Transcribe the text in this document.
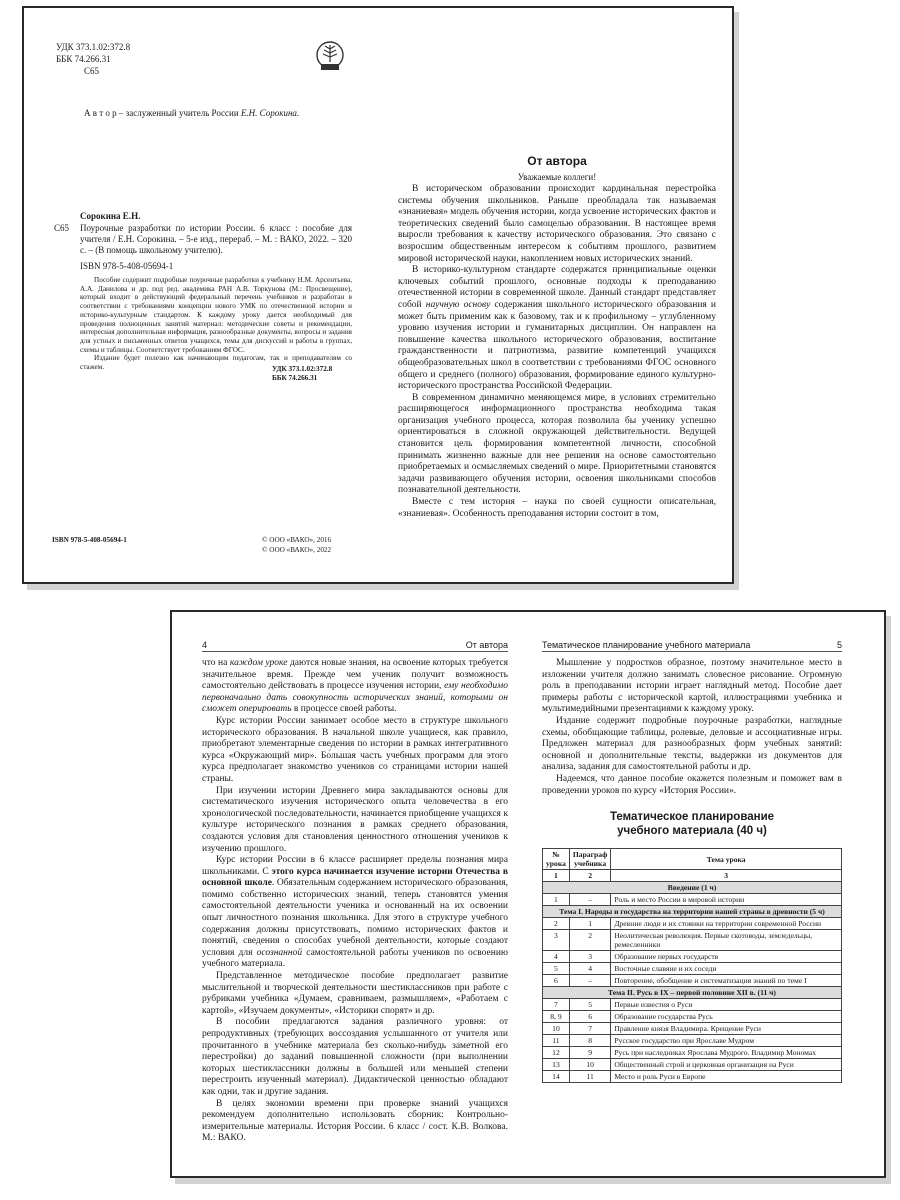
УДК 373.1.02:372.8
ББК 74.266.31
С65
А в т о р – заслуженный учитель России Е.Н. Сорокина.
Сорокина Е.Н.
С65 Поурочные разработки по истории России. 6 класс : пособие для учителя / Е.Н. Сорокина. – 5-е изд., перераб. – М. : ВАКО, 2022. – 320 с. – (В помощь школьному учителю).
ISBN 978-5-408-05694-1

Пособие содержит подробные поурочные разработки к учебнику Н.М. Арсентьева, А.А. Данилова и др. под ред. академика РАН А.В. Торкунова (М.: Просвещение), который входит в действующий федеральный перечень учебников и разработан в соответствии с требованиями концепции нового УМК по отечественной истории и историко-культурным стандартом. К каждому уроку дается необходимый для проведения полноценных занятий материал: методические советы и рекомендации, интересная дополнительная информация, разнообразные документы, вопросы и задания для устных и письменных ответов учащихся, темы для дискуссий и работы в группах, схемы и таблицы. Соответствует требованиям ФГОС.

Издание будет полезно как начинающим педагогам, так и преподавателям со стажем.	УДК 373.1.02:372.8
ББК 74.266.31
ISBN 978-5-408-05694-1	© ООО «ВАКО», 2016
© ООО «ВАКО», 2022
От автора
Уважаемые коллеги!

В историческом образовании происходит кардинальная перестройка системы обучения школьников. Раньше преобладала так называемая «знаниевая» модель обучения истории, когда усвоение исторических фактов и теоретических сведений было самоцелью образования. В настоящее время выросли требования к качеству исторического образования. Это связано с возросшим общественным интересом к событиям прошлого, развитием мировой исторической науки, накоплением новых исторических знаний.

В историко-культурном стандарте содержатся принципиальные оценки ключевых событий прошлого, основные подходы к преподаванию отечественной истории в современной школе. Данный стандарт представляет собой научную основу содержания школьного исторического образования и может быть применим как к базовому, так и к профильному – углубленному уровню изучения истории и гуманитарных дисциплин. Он направлен на повышение качества школьного исторического образования, воспитание гражданственности и патриотизма, развитие компетенций учащихся общеобразовательных школ в соответствии с требованиями ФГОС основного общего и среднего (полного) образования, формирование единого культурно-исторического пространства Российской Федерации.

В современном динамично меняющемся мире, в условиях стремительно расширяющегося информационного пространства необходима такая организация учебного процесса, которая позволила бы ученику успешно ориентироваться в сложной окружающей действительности. Ведущей становится цель формирования компетентной личности, способной принимать жизненно важные для нее решения на основе самостоятельно приобретаемых и осмысляемых сведений о мире. Приоритетными становятся задачи развивающего обучения истории, освоения школьниками способов познавательной деятельности.

Вместе с тем история – наука по своей сущности описательная, «знаниевая». Особенность преподавания истории состоит в том,

4	От автора

что на каждом уроке даются новые знания, на освоение которых требуется значительное время. Прежде чем ученик получит возможность самостоятельно действовать в процессе изучения истории, ему необходимо первоначально дать совокупность исторических знаний, которыми он сможет оперировать в процессе своей работы.

Курс истории России занимает особое место в структуре школьного исторического образования. В начальной школе учащиеся, как правило, приобретают элементарные сведения по истории в рамках интегративного курса «Окружающий мир». Бо́льшая часть учебных программ для этого курса предполагает знакомство учеников со страницами истории нашей страны.

При изучении истории Древнего мира закладываются основы для систематического изучения исторического опыта человечества в его хронологической последовательности, начинается приобщение учащихся к культуре исторического познания в рамках среднего образования, создаются условия для становления ценностного отношения учеников к изучению прошлого.

Курс истории России в 6 классе расширяет пределы познания мира школьниками. С этого курса начинается изучение истории Отечества в основной школе. Обязательным содержанием исторического образования, помимо собственно исторических знаний, теперь становятся умения самостоятельной деятельности ученика и основанный на их освоении опыт личностного познания школьника. Для этого в структуре учебного содержания должны присутствовать, помимо исторических фактов и понятий, сведения о способах учебной деятельности, которые создают условия для осознанной самостоятельной работы учеников по освоению учебного материала.

Представленное методическое пособие предполагает развитие мыслительной и творческой деятельности шестиклассников при работе с рубриками учебника «Думаем, сравниваем, размышляем», «Работаем с картой», «Изучаем документы», «Историки спорят» и др.

В пособии предлагаются задания различного уровня: от репродуктивных (требующих воссоздания услышанного от учителя или прочитанного в учебнике материала без сколько-нибудь заметной его перестройки) до заданий повышенной сложности (при выполнении которых шестиклассники должны в большей или меньшей степени перестроить изученный материал). Дидактической ценностью обладают как одни, так и другие задания.

В целях экономии времени при проверке знаний учащихся рекомендуем дополнительно использовать сборник: Контрольно-измерительные материалы. История России. 6 класс / сост. К.В. Волкова. М.: ВАКО.

Тематическое планирование учебного материала	5

Мышление у подростков образное, поэтому значительное место в изложении учителя должно занимать словесное рисование. Огромную роль в преподавании истории играет наглядный метод. Пособие дает примеры работы с исторической картой, иллюстрациями учебника и мультимедийными презентациями к каждому уроку.

Издание содержит подробные поурочные разработки, наглядные схемы, обобщающие таблицы, ролевые, деловые и ассоциативные игры. Предложен материал для разнообразных форм учебных занятий: основной и дополнительные тексты, выдержки из документов для анализа, задания для самостоятельной работы и др.

Надеемся, что данное пособие окажется полезным и поможет вам в проведении уроков по курсу «История России».

Тематическое планирование
учебного материала (40 ч)
№ урока	Параграф учебника	Тема урока
1	2	3
Введение (1 ч)		
1	–	Роль и место России в мировой истории
Тема I. Народы и государства на территории нашей страны в древности (5 ч)		
2	1	Древние люди и их стоянки на территории современной России
3	2	Неолитическая революция. Первые скотоводы, земледельцы, ремесленники
4	3	Образование первых государств
5	4	Восточные славяне и их соседи
6	–	Повторение, обобщение и систематизация знаний по теме I
Тема II. Русь в IX – первой половине XII в. (11 ч)		
7	5	Первые известия о Руси
8, 9	6	Образование государства Русь
10	7	Правление князя Владимира. Крещение Руси
11	8	Русское государство при Ярославе Мудром
12	9	Русь при наследниках Ярослава Мудрого. Владимир Мономах
13	10	Общественный строй и церковная организация на Руси
14	11	Место и роль Руси в Европе
